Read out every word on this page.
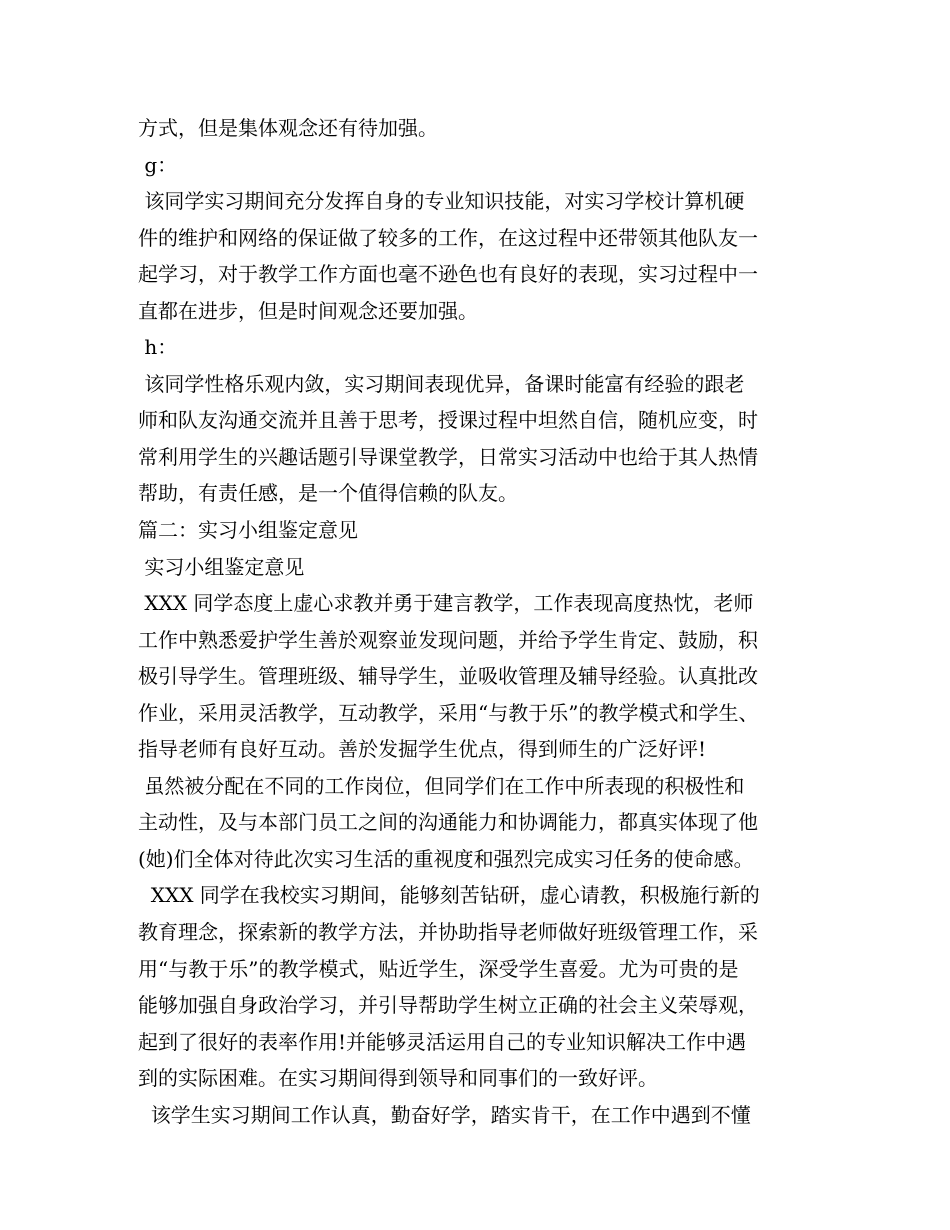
方式，但是集体观念还有待加强。
g：
该同学实习期间充分发挥自身的专业知识技能，对实习学校计算机硬
件的维护和网络的保证做了较多的工作，在这过程中还带领其他队友一
起学习，对于教学工作方面也毫不逊色也有良好的表现，实习过程中一
直都在进步，但是时间观念还要加强。
h：
该同学性格乐观内敛，实习期间表现优异，备课时能富有经验的跟老
师和队友沟通交流并且善于思考，授课过程中坦然自信，随机应变，时
常利用学生的兴趣话题引导课堂教学，日常实习活动中也给于其人热情
帮助，有责任感，是一个值得信赖的队友。
篇二：实习小组鉴定意见
实习小组鉴定意见
XXX 同学态度上虚心求教并勇于建言教学，工作表现高度热忱，老师
工作中熟悉爱护学生善於观察並发现问题，并给予学生肯定、鼓励，积
极引导学生。管理班级、辅导学生，並吸收管理及辅导经验。认真批改
作业，采用灵活教学，互动教学，采用“与教于乐”的教学模式和学生、
指导老师有良好互动。善於发掘学生优点，得到师生的广泛好评!
虽然被分配在不同的工作岗位，但同学们在工作中所表现的积极性和
主动性，及与本部门员工之间的沟通能力和协调能力，都真实体现了他
(她)们全体对待此次实习生活的重视度和强烈完成实习任务的使命感。
XXX 同学在我校实习期间，能够刻苦钻研，虚心请教，积极施行新的
教育理念，探索新的教学方法，并协助指导老师做好班级管理工作，采
用“与教于乐”的教学模式，贴近学生，深受学生喜爱。尤为可贵的是
能够加强自身政治学习，并引导帮助学生树立正确的社会主义荣辱观，
起到了很好的表率作用!并能够灵活运用自己的专业知识解决工作中遇
到的实际困难。在实习期间得到领导和同事们的一致好评。
该学生实习期间工作认真，勤奋好学，踏实肯干，在工作中遇到不懂
